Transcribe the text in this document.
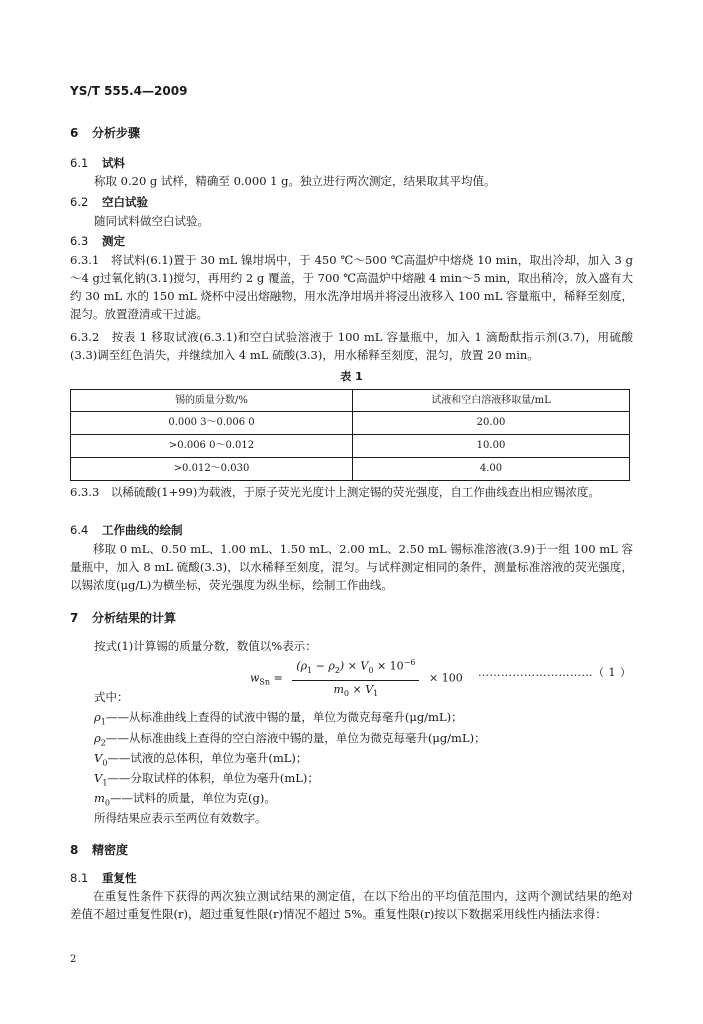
YS/T 555.4—2009
6 分析步骤
6.1 试料
称取 0.20 g 试样，精确至 0.000 1 g。独立进行两次测定，结果取其平均值。
6.2 空白试验
随同试料做空白试验。
6.3 测定
6.3.1　将试料(6.1)置于 30 mL 镍坩埚中，于 450 ℃～500 ℃高温炉中熔烧 10 min，取出冷却，加入 3 g～4 g过氧化钠(3.1)搅匀，再用约 2 g 覆盖，于 700 ℃高温炉中熔融 4 min～5 min，取出稍冷，放入盛有大约 30 mL 水的 150 mL 烧杯中浸出熔融物，用水洗净坩埚并将浸出液移入 100 mL 容量瓶中，稀释至刻度，混匀。放置澄清或干过滤。
6.3.2　按表 1 移取试液(6.3.1)和空白试验溶液于 100 mL 容量瓶中，加入 1 滴酚酞指示剂(3.7)，用硫酸(3.3)调至红色消失，并继续加入 4 mL 硫酸(3.3)，用水稀释至刻度，混匀，放置 20 min。
表 1
锡的质量分数/%	试液和空白溶液移取量/mL
0.000 3～0.006 0	20.00
>0.006 0～0.012	10.00
>0.012～0.030	4.00
6.3.3　以稀硫酸(1+99)为载液，于原子荧光光度计上测定锡的荧光强度，自工作曲线查出相应锡浓度。
6.4 工作曲线的绘制
移取 0 mL、0.50 mL、1.00 mL、1.50 mL、2.00 mL、2.50 mL 锡标准溶液(3.9)于一组 100 mL 容量瓶中，加入 8 mL 硫酸(3.3)，以水稀释至刻度，混匀。与试样测定相同的条件，测量标准溶液的荧光强度，以锡浓度(μg/L)为横坐标，荧光强度为纵坐标，绘制工作曲线。
7 分析结果的计算
按式(1)计算锡的质量分数，数值以%表示：
$w_{Sn} = \frac{(\rho_1 - \rho_2) \times V_0 \times 10^{-6}}{m_0 \times V_1} \times 100$ …………………………（ 1 ）
式中：
$\rho_1——$从标准曲线上查得的试液中锡的量，单位为微克每毫升(μg/mL)；
$\rho_2——$从标准曲线上查得的空白溶液中锡的量，单位为微克每毫升(μg/mL)；
$V_0——$试液的总体积，单位为毫升(mL)；
$V_1——$分取试样的体积，单位为毫升(mL)；
$m_0——$试料的质量，单位为克(g)。
所得结果应表示至两位有效数字。
8 精密度
8.1 重复性
在重复性条件下获得的两次独立测试结果的测定值，在以下给出的平均值范围内，这两个测试结果的绝对差值不超过重复性限(r)，超过重复性限(r)情况不超过 5%。重复性限(r)按以下数据采用线性内插法求得：
2
